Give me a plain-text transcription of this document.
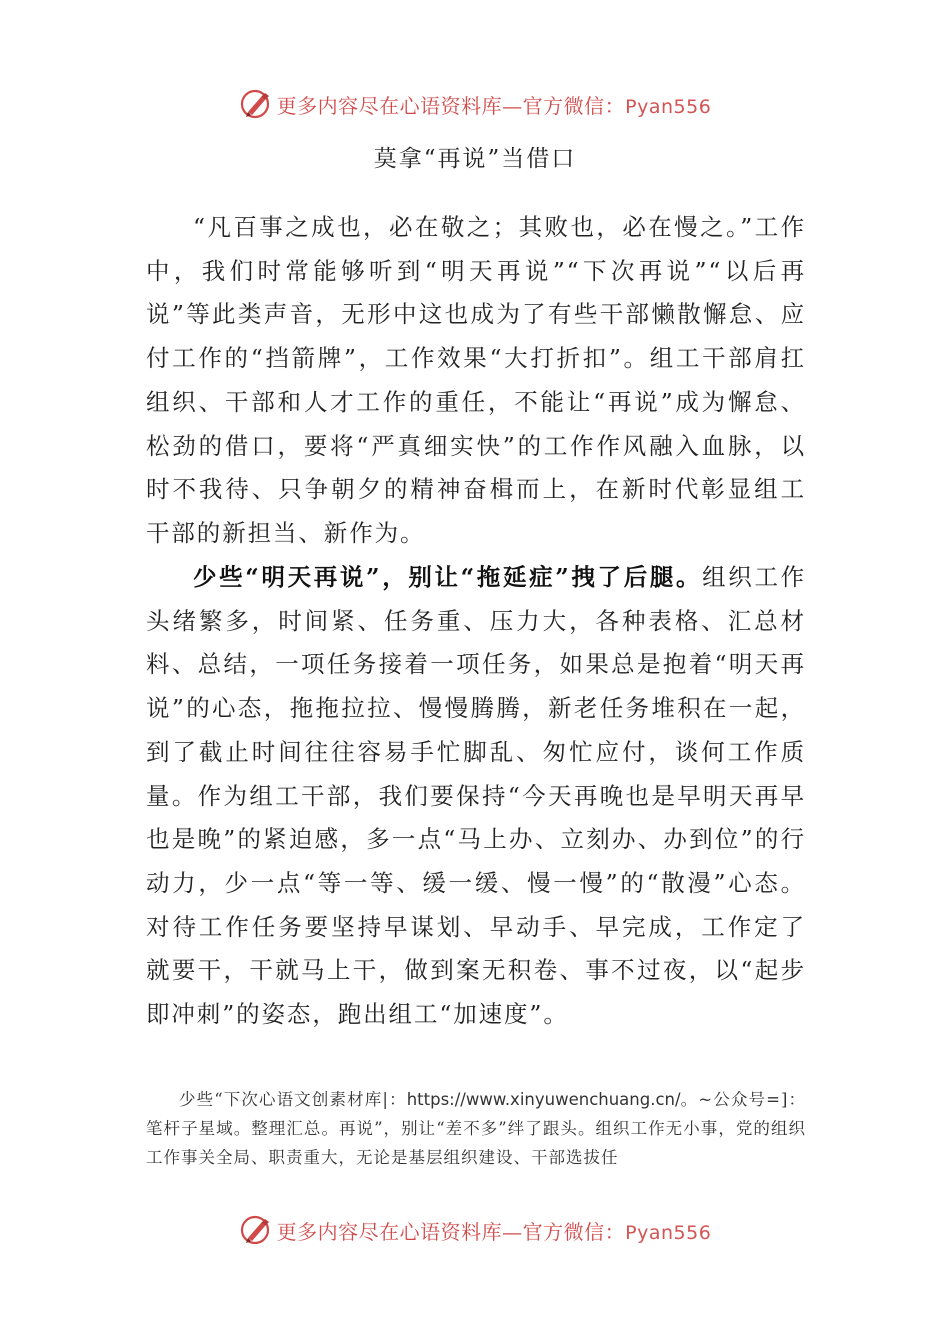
更多内容尽在心语资料库—官方微信：Pyan556
莫拿“再说”当借口

“凡百事之成也，必在敬之；其败也，必在慢之。”工作中，我们时常能够听到“明天再说”“下次再说”“以后再说”等此类声音，无形中这也成为了有些干部懒散懈怠、应付工作的“挡箭牌”，工作效果“大打折扣”。组工干部肩扛组织、干部和人才工作的重任，不能让“再说”成为懈怠、松劲的借口，要将“严真细实快”的工作作风融入血脉，以时不我待、只争朝夕的精神奋楫而上，在新时代彰显组工干部的新担当、新作为。

少些“明天再说”，别让“拖延症”拽了后腿。组织工作头绪繁多，时间紧、任务重、压力大，各种表格、汇总材料、总结，一项任务接着一项任务，如果总是抱着“明天再说”的心态，拖拖拉拉、慢慢腾腾，新老任务堆积在一起，到了截止时间往往容易手忙脚乱、匆忙应付，谈何工作质量。作为组工干部，我们要保持“今天再晚也是早明天再早也是晚”的紧迫感，多一点“马上办、立刻办、办到位”的行动力，少一点“等一等、缓一缓、慢一慢”的“散漫”心态。对待工作任务要坚持早谋划、早动手、早完成，工作定了就要干，干就马上干，做到案无积卷、事不过夜，以“起步即冲刺”的姿态，跑出组工“加速度”。

少些“下次心语文创素材库|：https://www.xinyuwenchuang.cn/。~公众号=]：笔杆子星域。整理汇总。再说”，别让“差不多”绊了跟头。组织工作无小事，党的组织工作事关全局、职责重大，无论是基层组织建设、干部选拔任

更多内容尽在心语资料库—官方微信：Pyan556
